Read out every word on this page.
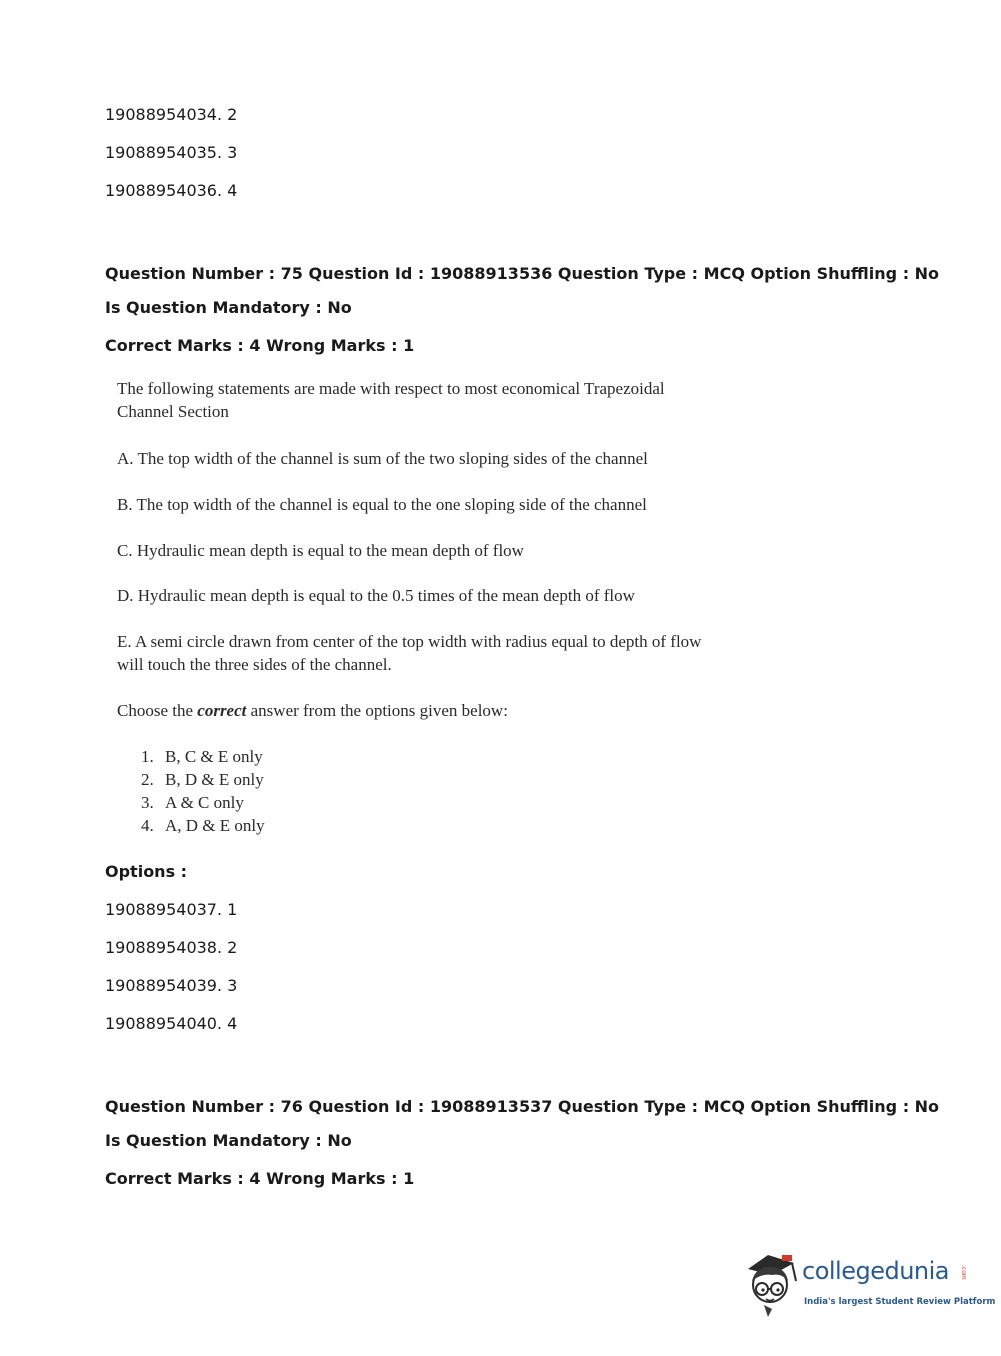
19088954034. 2
19088954035. 3
19088954036. 4
Question Number : 75 Question Id : 19088913536 Question Type : MCQ Option Shuffling : No
Is Question Mandatory : No
Correct Marks : 4 Wrong Marks : 1

The following statements are made with respect to most economical Trapezoidal Channel Section

A. The top width of the channel is sum of the two sloping sides of the channel

B. The top width of the channel is equal to the one sloping side of the channel

C. Hydraulic mean depth is equal to the mean depth of flow

D. Hydraulic mean depth is equal to the 0.5 times of the mean depth of flow

E. A semi circle drawn from center of the top width with radius equal to depth of flow will touch the three sides of the channel.

Choose the correct answer from the options given below:

1. B, C & E only
2. B, D & E only
3. A & C only
4. A, D & E only
Options :
19088954037. 1
19088954038. 2
19088954039. 3
19088954040. 4
Question Number : 76 Question Id : 19088913537 Question Type : MCQ Option Shuffling : No
Is Question Mandatory : No
Correct Marks : 4 Wrong Marks : 1
collegedunia .com
India's largest Student Review Platform
